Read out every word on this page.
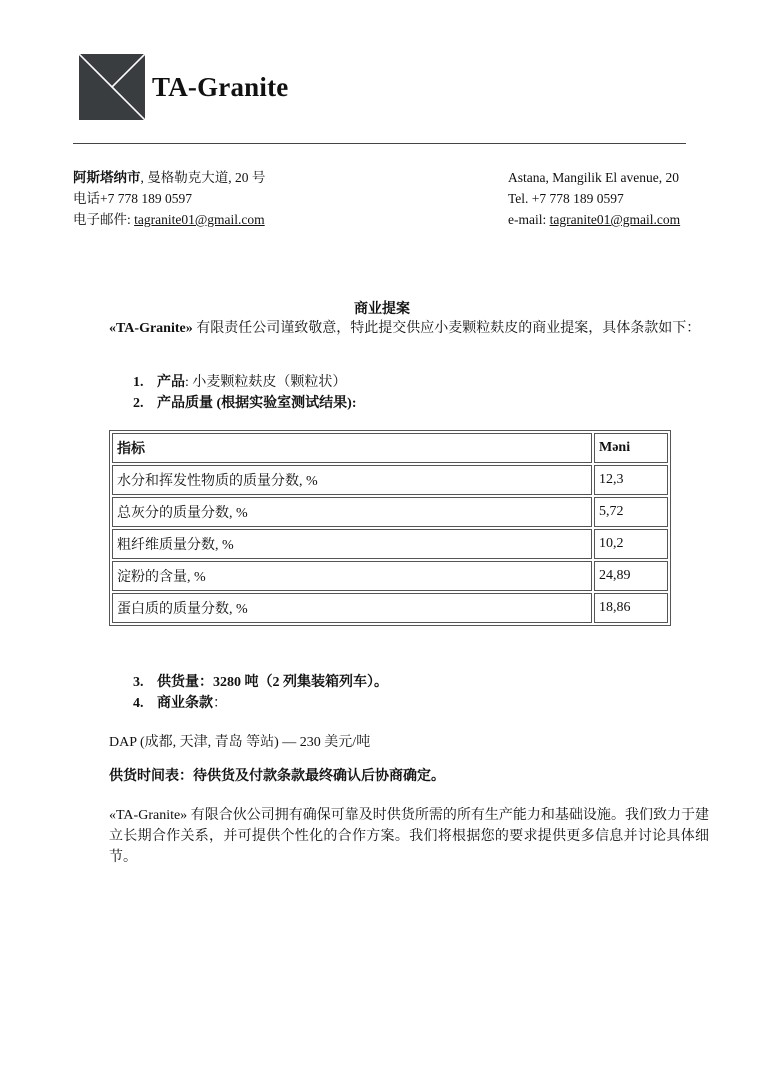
TA-Granite
阿斯塔纳市, 曼格勒克大道, 20 号
电话+7 778 189 0597
电子邮件: tagranite01@gmail.com
Astana, Mangilik El avenue, 20
Tel. +7 778 189 0597
e-mail: tagranite01@gmail.com
商业提案
«TA-Granite» 有限责任公司谨致敬意，特此提交供应小麦颗粒麸皮的商业提案，具体条款如下：
1. 产品: 小麦颗粒麸皮（颗粒状）
2. 产品质量 (根据实验室测试结果):
指标	Məni
水分和挥发性物质的质量分数, %	12,3
总灰分的质量分数, %	5,72
粗纤维质量分数, %	10,2
淀粉的含量, %	24,89
蛋白质的质量分数, %	18,86
3. 供货量：3280 吨（2 列集装箱列车）。
4. 商业条款：
DAP (成都, 天津, 青岛 等站) — 230 美元/吨
供货时间表：待供货及付款条款最终确认后协商确定。
«TA-Granite» 有限合伙公司拥有确保可靠及时供货所需的所有生产能力和基础设施。我们致力于建立长期合作关系，并可提供个性化的合作方案。我们将根据您的要求提供更多信息并讨论具体细节。
